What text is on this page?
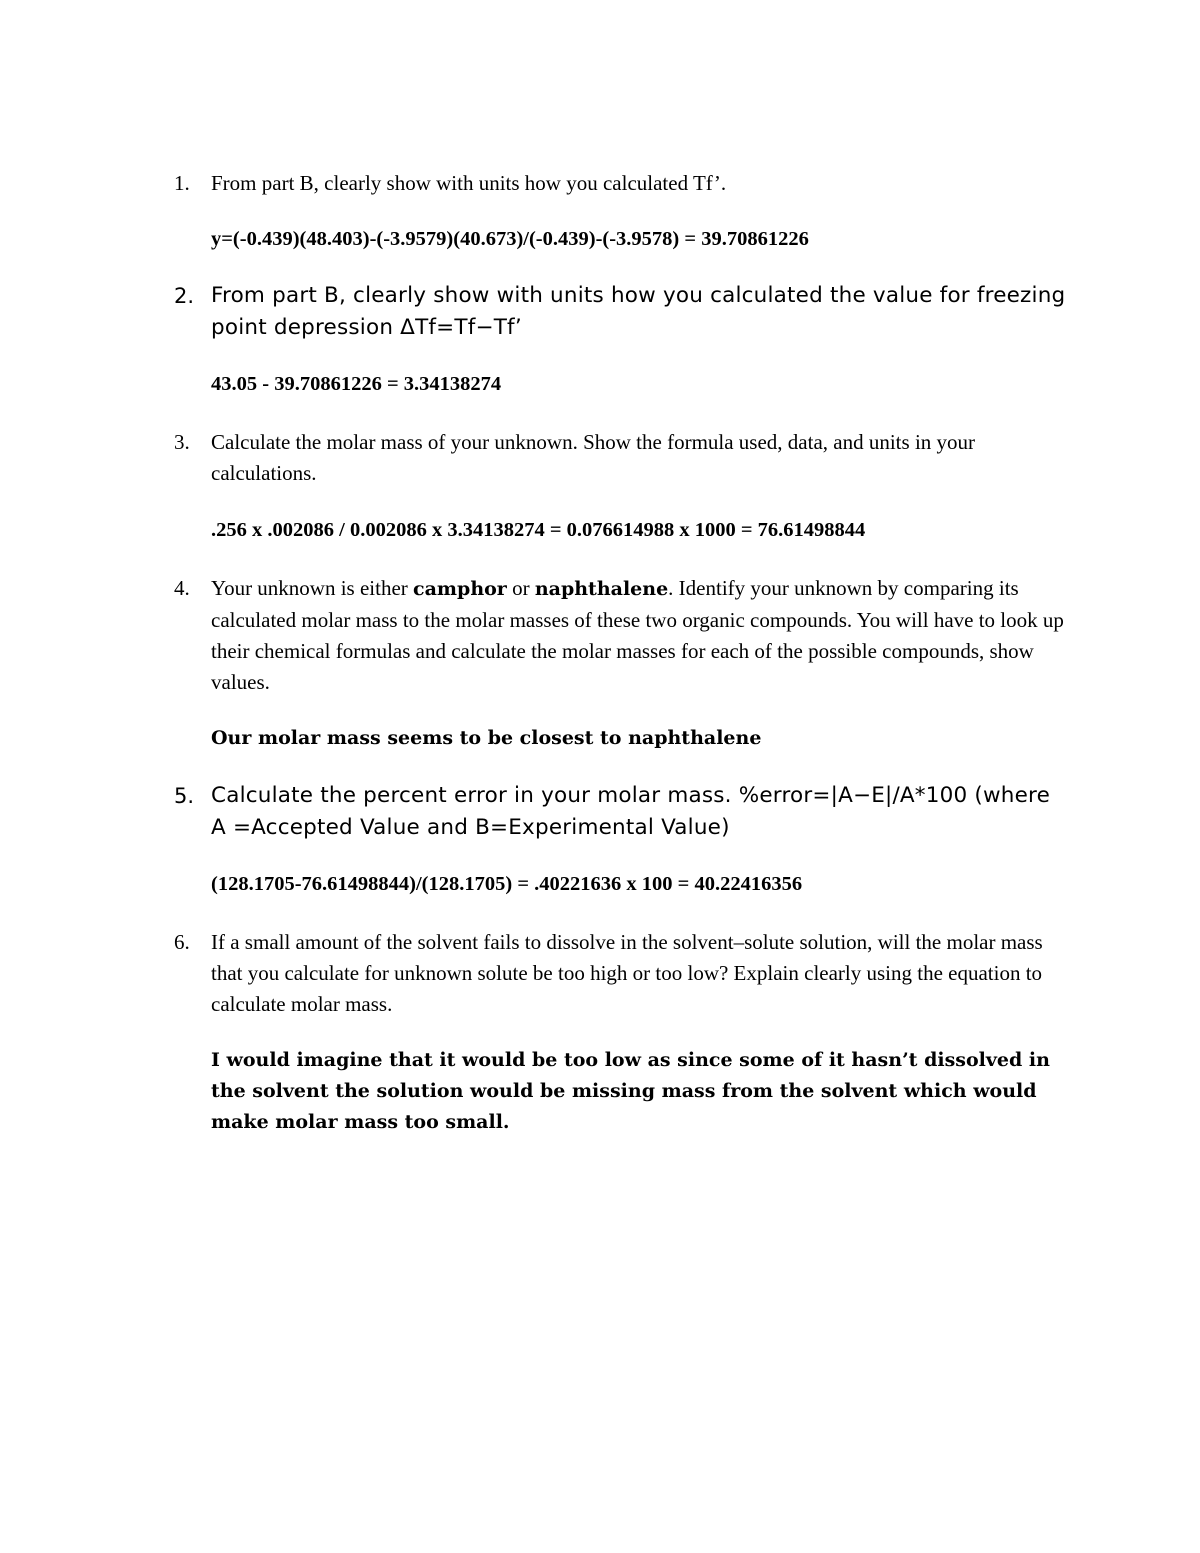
1.	From part B, clearly show with units how you calculated Tf’.

y=(-0.439)(48.403)-(-3.9579)(40.673)/(-0.439)-(-3.9578) = 39.70861226

2. From part B, clearly show with units how you calculated the value for freezing point depression ΔTf=Tf−Tf’

43.05 - 39.70861226 = 3.34138274

3.	Calculate the molar mass of your unknown. Show the formula used, data, and units in your calculations.

.256 x .002086 / 0.002086 x 3.34138274 = 0.076614988 x 1000 = 76.61498844

4.	Your unknown is either camphor or naphthalene. Identify your unknown by comparing its calculated molar mass to the molar masses of these two organic compounds. You will have to look up their chemical formulas and calculate the molar masses for each of the possible compounds, show values.

Our molar mass seems to be closest to naphthalene

5. Calculate the percent error in your molar mass. %error=|A−E|/A*100 (where A =Accepted Value and B=Experimental Value)

(128.1705-76.61498844)/(128.1705) = .40221636 x 100 = 40.22416356

6.	If a small amount of the solvent fails to dissolve in the solvent–solute solution, will the molar mass that you calculate for unknown solute be too high or too low? Explain clearly using the equation to calculate molar mass.

I would imagine that it would be too low as since some of it hasn’t dissolved in the solvent the solution would be missing mass from the solvent which would make molar mass too small.
